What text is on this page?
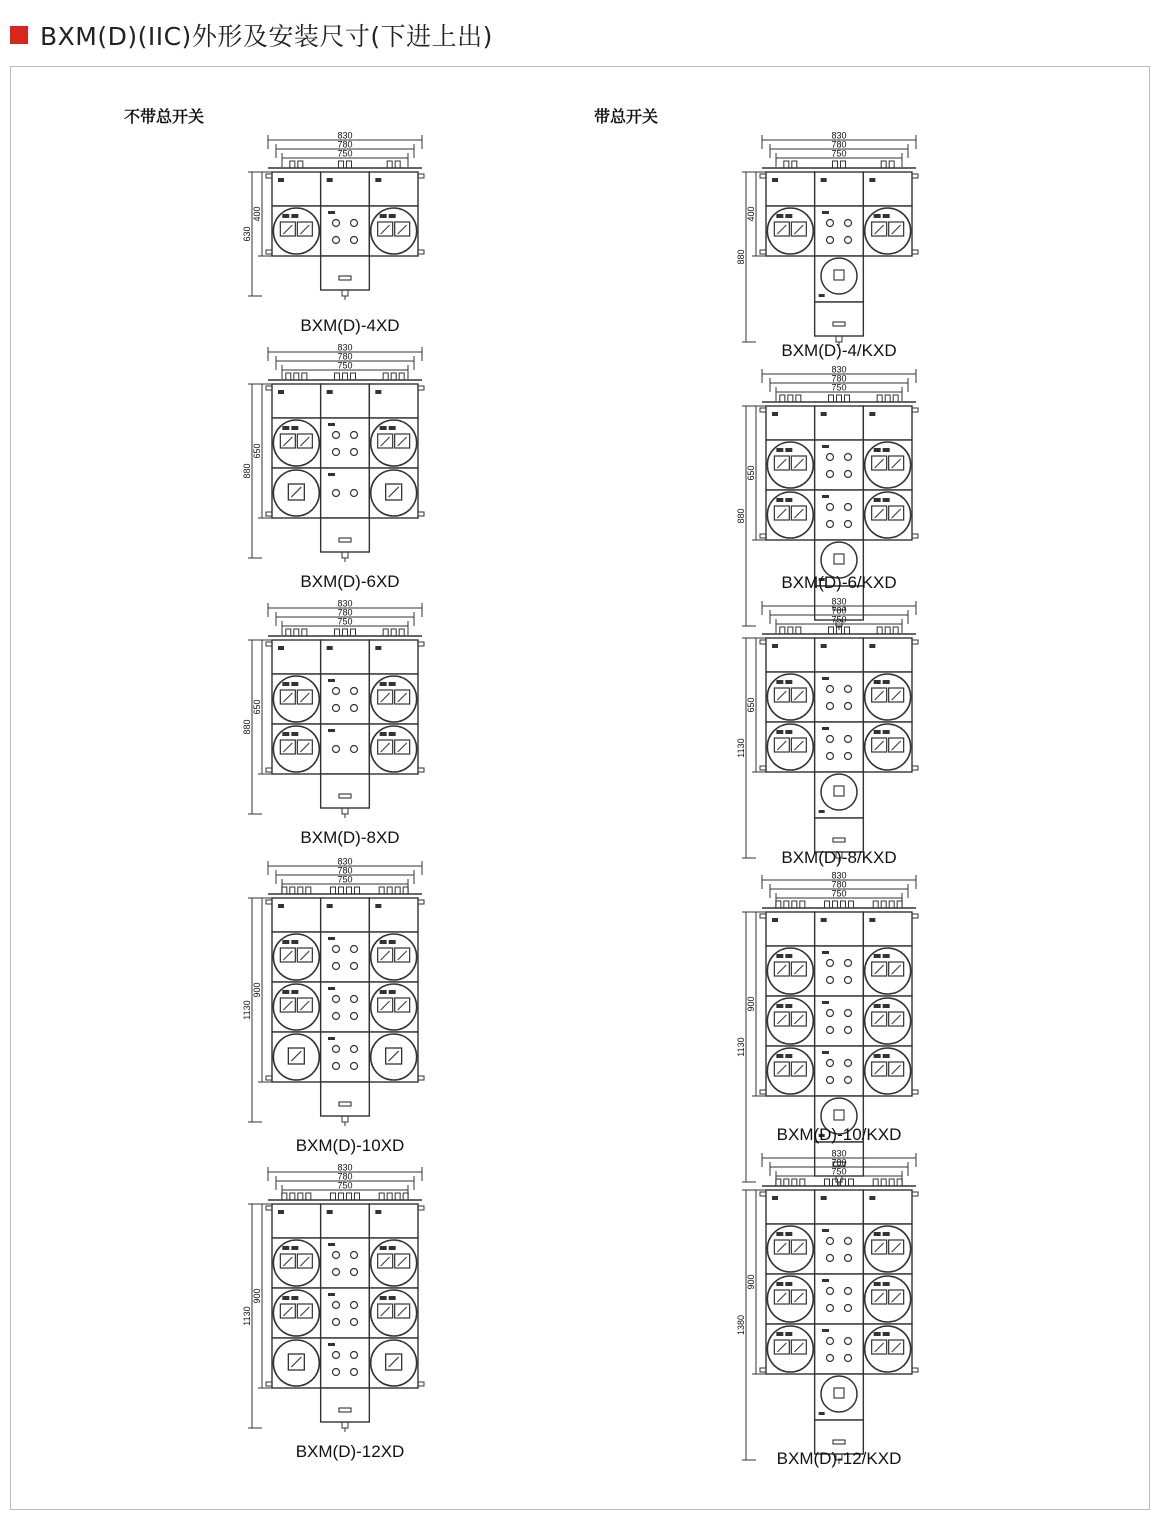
BXM(D)(IIC)外形及安装尺寸(下进上出)
不带总开关	带总开关
830
780
750
630
400
BXM(D)-4XD
830
780
750
880
650
BXM(D)-6XD
830
780
750
880
650
BXM(D)-8XD
830
780
750
1130
900
BXM(D)-10XD
830
780
750
1130
900
BXM(D)-12XD
830
780
750
880
400
BXM(D)-4/KXD
830
780
750
880
650
BXM(D)-6/KXD
830
780
750
1130
650
BXM(D)-8/KXD
830
780
750
1130
900
BXM(D)-10/KXD
830
780
750
1380
900
BXM(D)-12/KXD
